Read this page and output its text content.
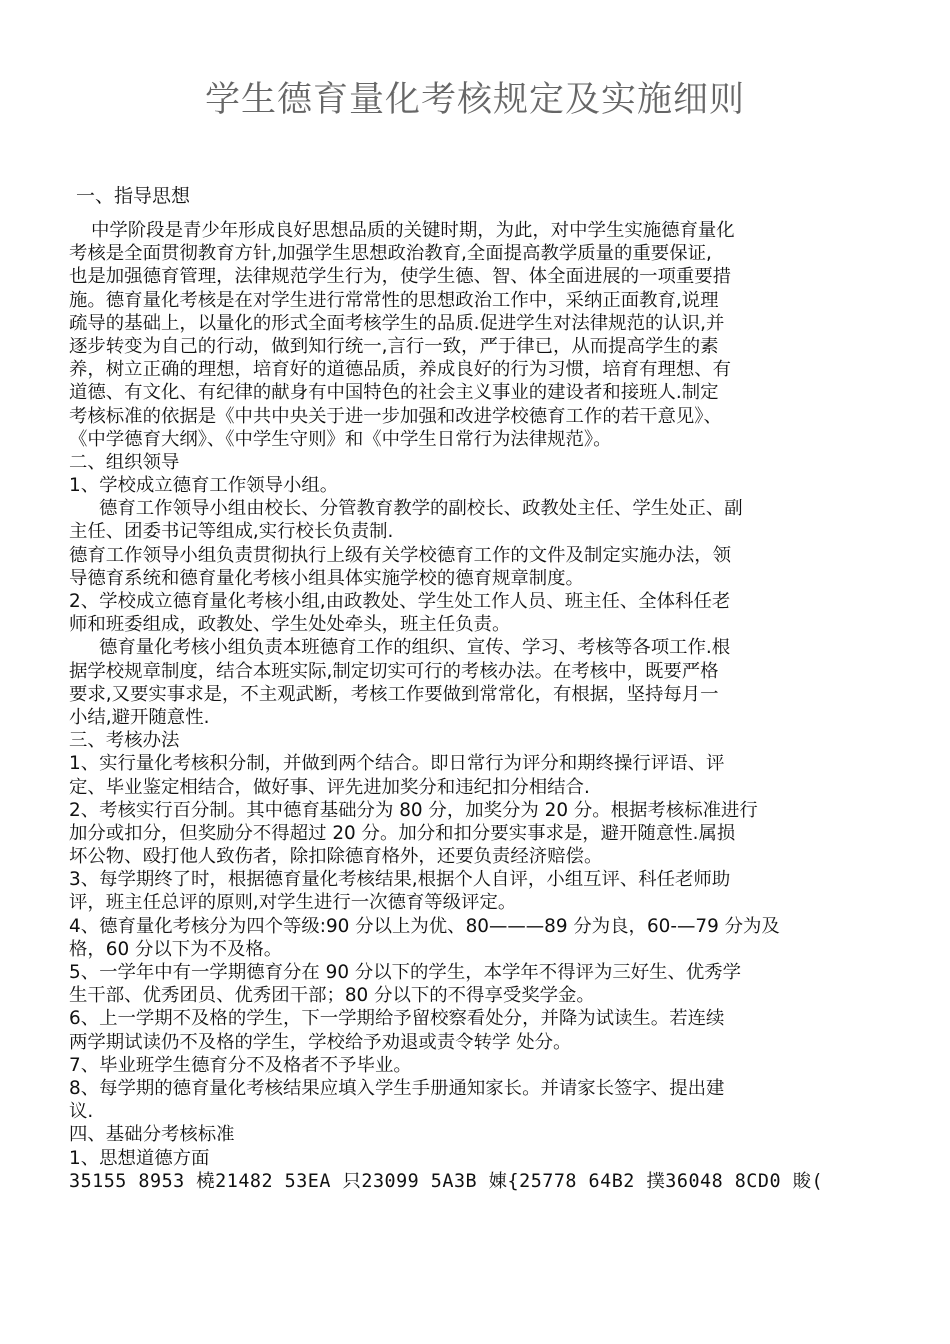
学生德育量化考核规定及实施细则
一、指导思想
中学阶段是青少年形成良好思想品质的关键时期，为此，对中学生实施德育量化
考核是全面贯彻教育方针,加强学生思想政治教育,全面提高教学质量的重要保证,
也是加强德育管理，法律规范学生行为，使学生德、智、体全面进展的一项重要措
施。德育量化考核是在对学生进行常常性的思想政治工作中，采纳正面教育,说理
疏导的基础上，以量化的形式全面考核学生的品质.促进学生对法律规范的认识,并
逐步转变为自己的行动，做到知行统一,言行一致，严于律已，从而提高学生的素
养，树立正确的理想，培育好的道德品质，养成良好的行为习惯，培育有理想、有
道德、有文化、有纪律的献身有中国特色的社会主义事业的建设者和接班人.制定
考核标准的依据是《中共中央关于进一步加强和改进学校德育工作的若干意见》、
《中学德育大纲》、《中学生守则》和《中学生日常行为法律规范》。
二、组织领导
1、学校成立德育工作领导小组。
德育工作领导小组由校长、分管教育教学的副校长、政教处主任、学生处正、副
主任、团委书记等组成,实行校长负责制.
德育工作领导小组负责贯彻执行上级有关学校德育工作的文件及制定实施办法，领
导德育系统和德育量化考核小组具体实施学校的德育规章制度。
2、学校成立德育量化考核小组,由政教处、学生处工作人员、班主任、全体科任老
师和班委组成，政教处、学生处处牵头，班主任负责。
德育量化考核小组负责本班德育工作的组织、宣传、学习、考核等各项工作.根
据学校规章制度，结合本班实际,制定切实可行的考核办法。在考核中，既要严格
要求,又要实事求是，不主观武断，考核工作要做到常常化，有根据，坚持每月一
小结,避开随意性.
三、考核办法
1、实行量化考核积分制，并做到两个结合。即日常行为评分和期终操行评语、评
定、毕业鉴定相结合，做好事、评先进加奖分和违纪扣分相结合.
2、考核实行百分制。其中德育基础分为 80 分，加奖分为 20 分。根据考核标准进行
加分或扣分，但奖励分不得超过 20 分。加分和扣分要实事求是，避开随意性.属损
坏公物、殴打他人致伤者，除扣除德育格外，还要负责经济赔偿。
3、每学期终了时，根据德育量化考核结果,根据个人自评，小组互评、科任老师助
评，班主任总评的原则,对学生进行一次德育等级评定。
4、德育量化考核分为四个等级:90 分以上为优、80———89 分为良，60-—79 分为及
格，60 分以下为不及格。
5、一学年中有一学期德育分在 90 分以下的学生，本学年不得评为三好生、优秀学
生干部、优秀团员、优秀团干部；80 分以下的不得享受奖学金。
6、上一学期不及格的学生，下一学期给予留校察看处分，并降为试读生。若连续
两学期试读仍不及格的学生，学校给予劝退或责令转学 处分。
7、毕业班学生德育分不及格者不予毕业。
8、每学期的德育量化考核结果应填入学生手册通知家长。并请家长签字、提出建
议.
四、基础分考核标准
1、思想道德方面
35155 8953 橈21482 53EA 只23099 5A3B 娻{25778 64B2 撲36048 8CD0 賐(
